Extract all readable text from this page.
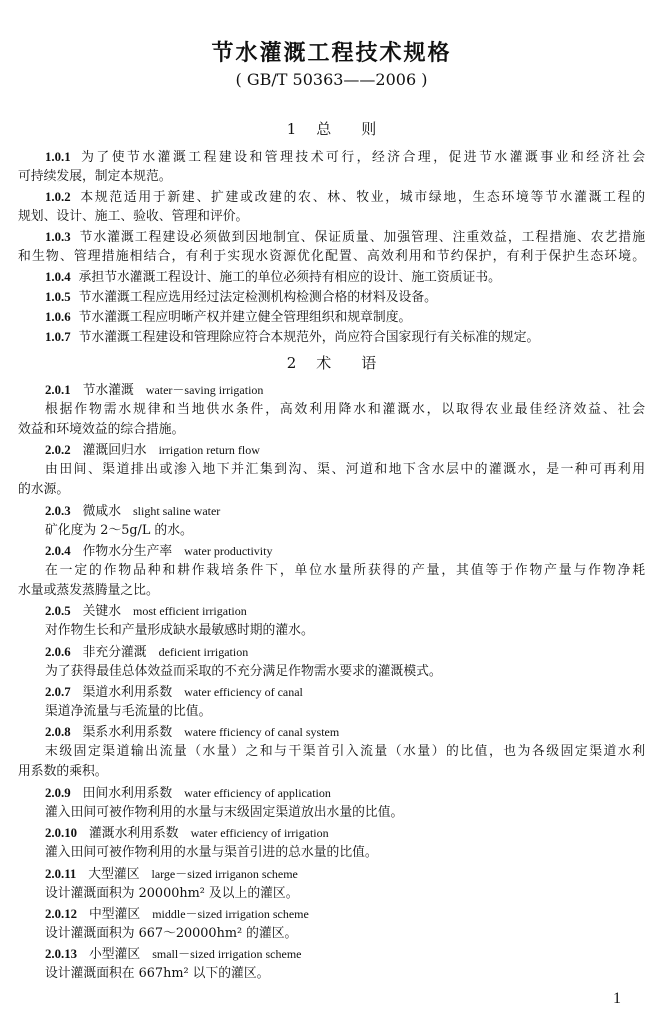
节水灌溉工程技术规格
( GB/T 50363——2006 )
1 总 则
1.0.1 为了使节水灌溉工程建设和管理技术可行，经济合理，促进节水灌溉事业和经济社会
可持续发展，制定本规范。
1.0.2 本规范适用于新建、扩建或改建的农、林、牧业，城市绿地，生态环境等节水灌溉工程的
规划、设计、施工、验收、管理和评价。
1.0.3 节水灌溉工程建设必须做到因地制宜、保证质量、加强管理、注重效益，工程措施、农艺措施
和生物、管理措施相结合，有利于实现水资源优化配置、高效利用和节约保护，有利于保护生态环境。
1.0.4 承担节水灌溉工程设计、施工的单位必须持有相应的设计、施工资质证书。
1.0.5 节水灌溉工程应选用经过法定检测机构检测合格的材料及设备。
1.0.6 节水灌溉工程应明晰产权并建立健全管理组织和规章制度。
1.0.7 节水灌溉工程建设和管理除应符合本规范外，尚应符合国家现行有关标准的规定。
2 术 语
2.0.1 节水灌溉 water－saving irrigation
根据作物需水规律和当地供水条件，高效利用降水和灌溉水，以取得农业最佳经济效益、社会
效益和环境效益的综合措施。
2.0.2 灌溉回归水 irrigation return flow
由田间、渠道排出或渗入地下并汇集到沟、渠、河道和地下含水层中的灌溉水，是一种可再利用
的水源。
2.0.3 微咸水 slight saline water
矿化度为 2～5g/L 的水。
2.0.4 作物水分生产率 water productivity
在一定的作物品种和耕作栽培条件下，单位水量所获得的产量，其值等于作物产量与作物净耗
水量或蒸发蒸腾量之比。
2.0.5 关键水 most efficient irrigation
对作物生长和产量形成缺水最敏感时期的灌水。
2.0.6 非充分灌溉 deficient irrigation
为了获得最佳总体效益而采取的不充分满足作物需水要求的灌溉模式。
2.0.7 渠道水利用系数 water efficiency of canal
渠道净流量与毛流量的比值。
2.0.8 渠系水利用系数 watere fficiency of canal system
末级固定渠道输出流量（水量）之和与干渠首引入流量（水量）的比值，也为各级固定渠道水利
用系数的乘积。
2.0.9 田间水利用系数 water efficiency of application
灌入田间可被作物利用的水量与末级固定渠道放出水量的比值。
2.0.10 灌溉水利用系数 water efficiency of irrigation
灌入田间可被作物利用的水量与渠首引进的总水量的比值。
2.0.11 大型灌区 large－sized irriganon scheme
设计灌溉面积为 20000hm² 及以上的灌区。
2.0.12 中型灌区 middle－sized irrigation scheme
设计灌溉面积为 667～20000hm² 的灌区。
2.0.13 小型灌区 small－sized irrigation scheme
设计灌溉面积在 667hm² 以下的灌区。
1
